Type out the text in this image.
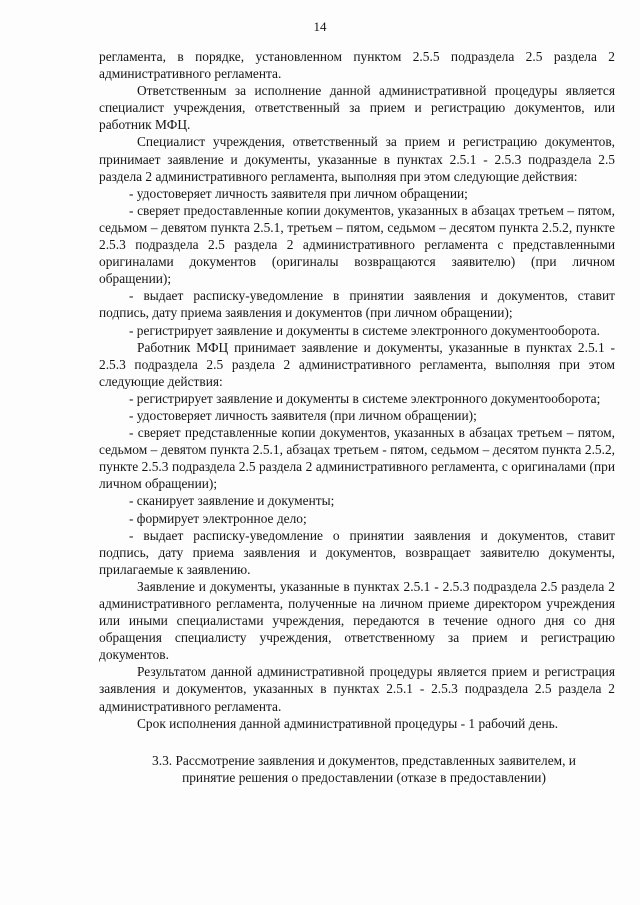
14

регламента, в порядке, установленном пунктом 2.5.5 подраздела 2.5 раздела 2 административного регламента.

Ответственным за исполнение данной административной процедуры является специалист учреждения, ответственный за прием и регистрацию документов, или работник МФЦ.

Специалист учреждения, ответственный за прием и регистрацию документов, принимает заявление и документы, указанные в пунктах 2.5.1 - 2.5.3 подраздела 2.5 раздела 2 административного регламента, выполняя при этом следующие действия:

- удостоверяет личность заявителя при личном обращении;

- сверяет предоставленные копии документов, указанных в абзацах третьем – пятом, седьмом – девятом пункта 2.5.1, третьем – пятом, седьмом – десятом пункта 2.5.2, пункте 2.5.3 подраздела 2.5 раздела 2 административного регламента с представленными оригиналами документов (оригиналы возвращаются заявителю) (при личном обращении);

- выдает расписку-уведомление в принятии заявления и документов, ставит подпись, дату приема заявления и документов (при личном обращении);

- регистрирует заявление и документы в системе электронного документооборота.

Работник МФЦ принимает заявление и документы, указанные в пунктах 2.5.1 - 2.5.3 подраздела 2.5 раздела 2 административного регламента, выполняя при этом следующие действия:

- регистрирует заявление и документы в системе электронного документооборота;

- удостоверяет личность заявителя (при личном обращении);

- сверяет представленные копии документов, указанных в абзацах третьем – пятом, седьмом – девятом пункта 2.5.1, абзацах третьем - пятом, седьмом – десятом пункта 2.5.2, пункте 2.5.3 подраздела 2.5 раздела 2 административного регламента, с оригиналами (при личном обращении);

- сканирует заявление и документы;

- формирует электронное дело;

- выдает расписку-уведомление о принятии заявления и документов, ставит подпись, дату приема заявления и документов, возвращает заявителю документы, прилагаемые к заявлению.

Заявление и документы, указанные в пунктах 2.5.1 - 2.5.3 подраздела 2.5 раздела 2 административного регламента, полученные на личном приеме директором учреждения или иными специалистами учреждения, передаются в течение одного дня со дня обращения специалисту учреждения, ответственному за прием и регистрацию документов.

Результатом данной административной процедуры является прием и регистрация заявления и документов, указанных в пунктах 2.5.1 - 2.5.3 подраздела 2.5 раздела 2 административного регламента.

Срок исполнения данной административной процедуры - 1 рабочий день.

3.3. Рассмотрение заявления и документов, представленных заявителем, и

принятие решения о предоставлении (отказе в предоставлении)
